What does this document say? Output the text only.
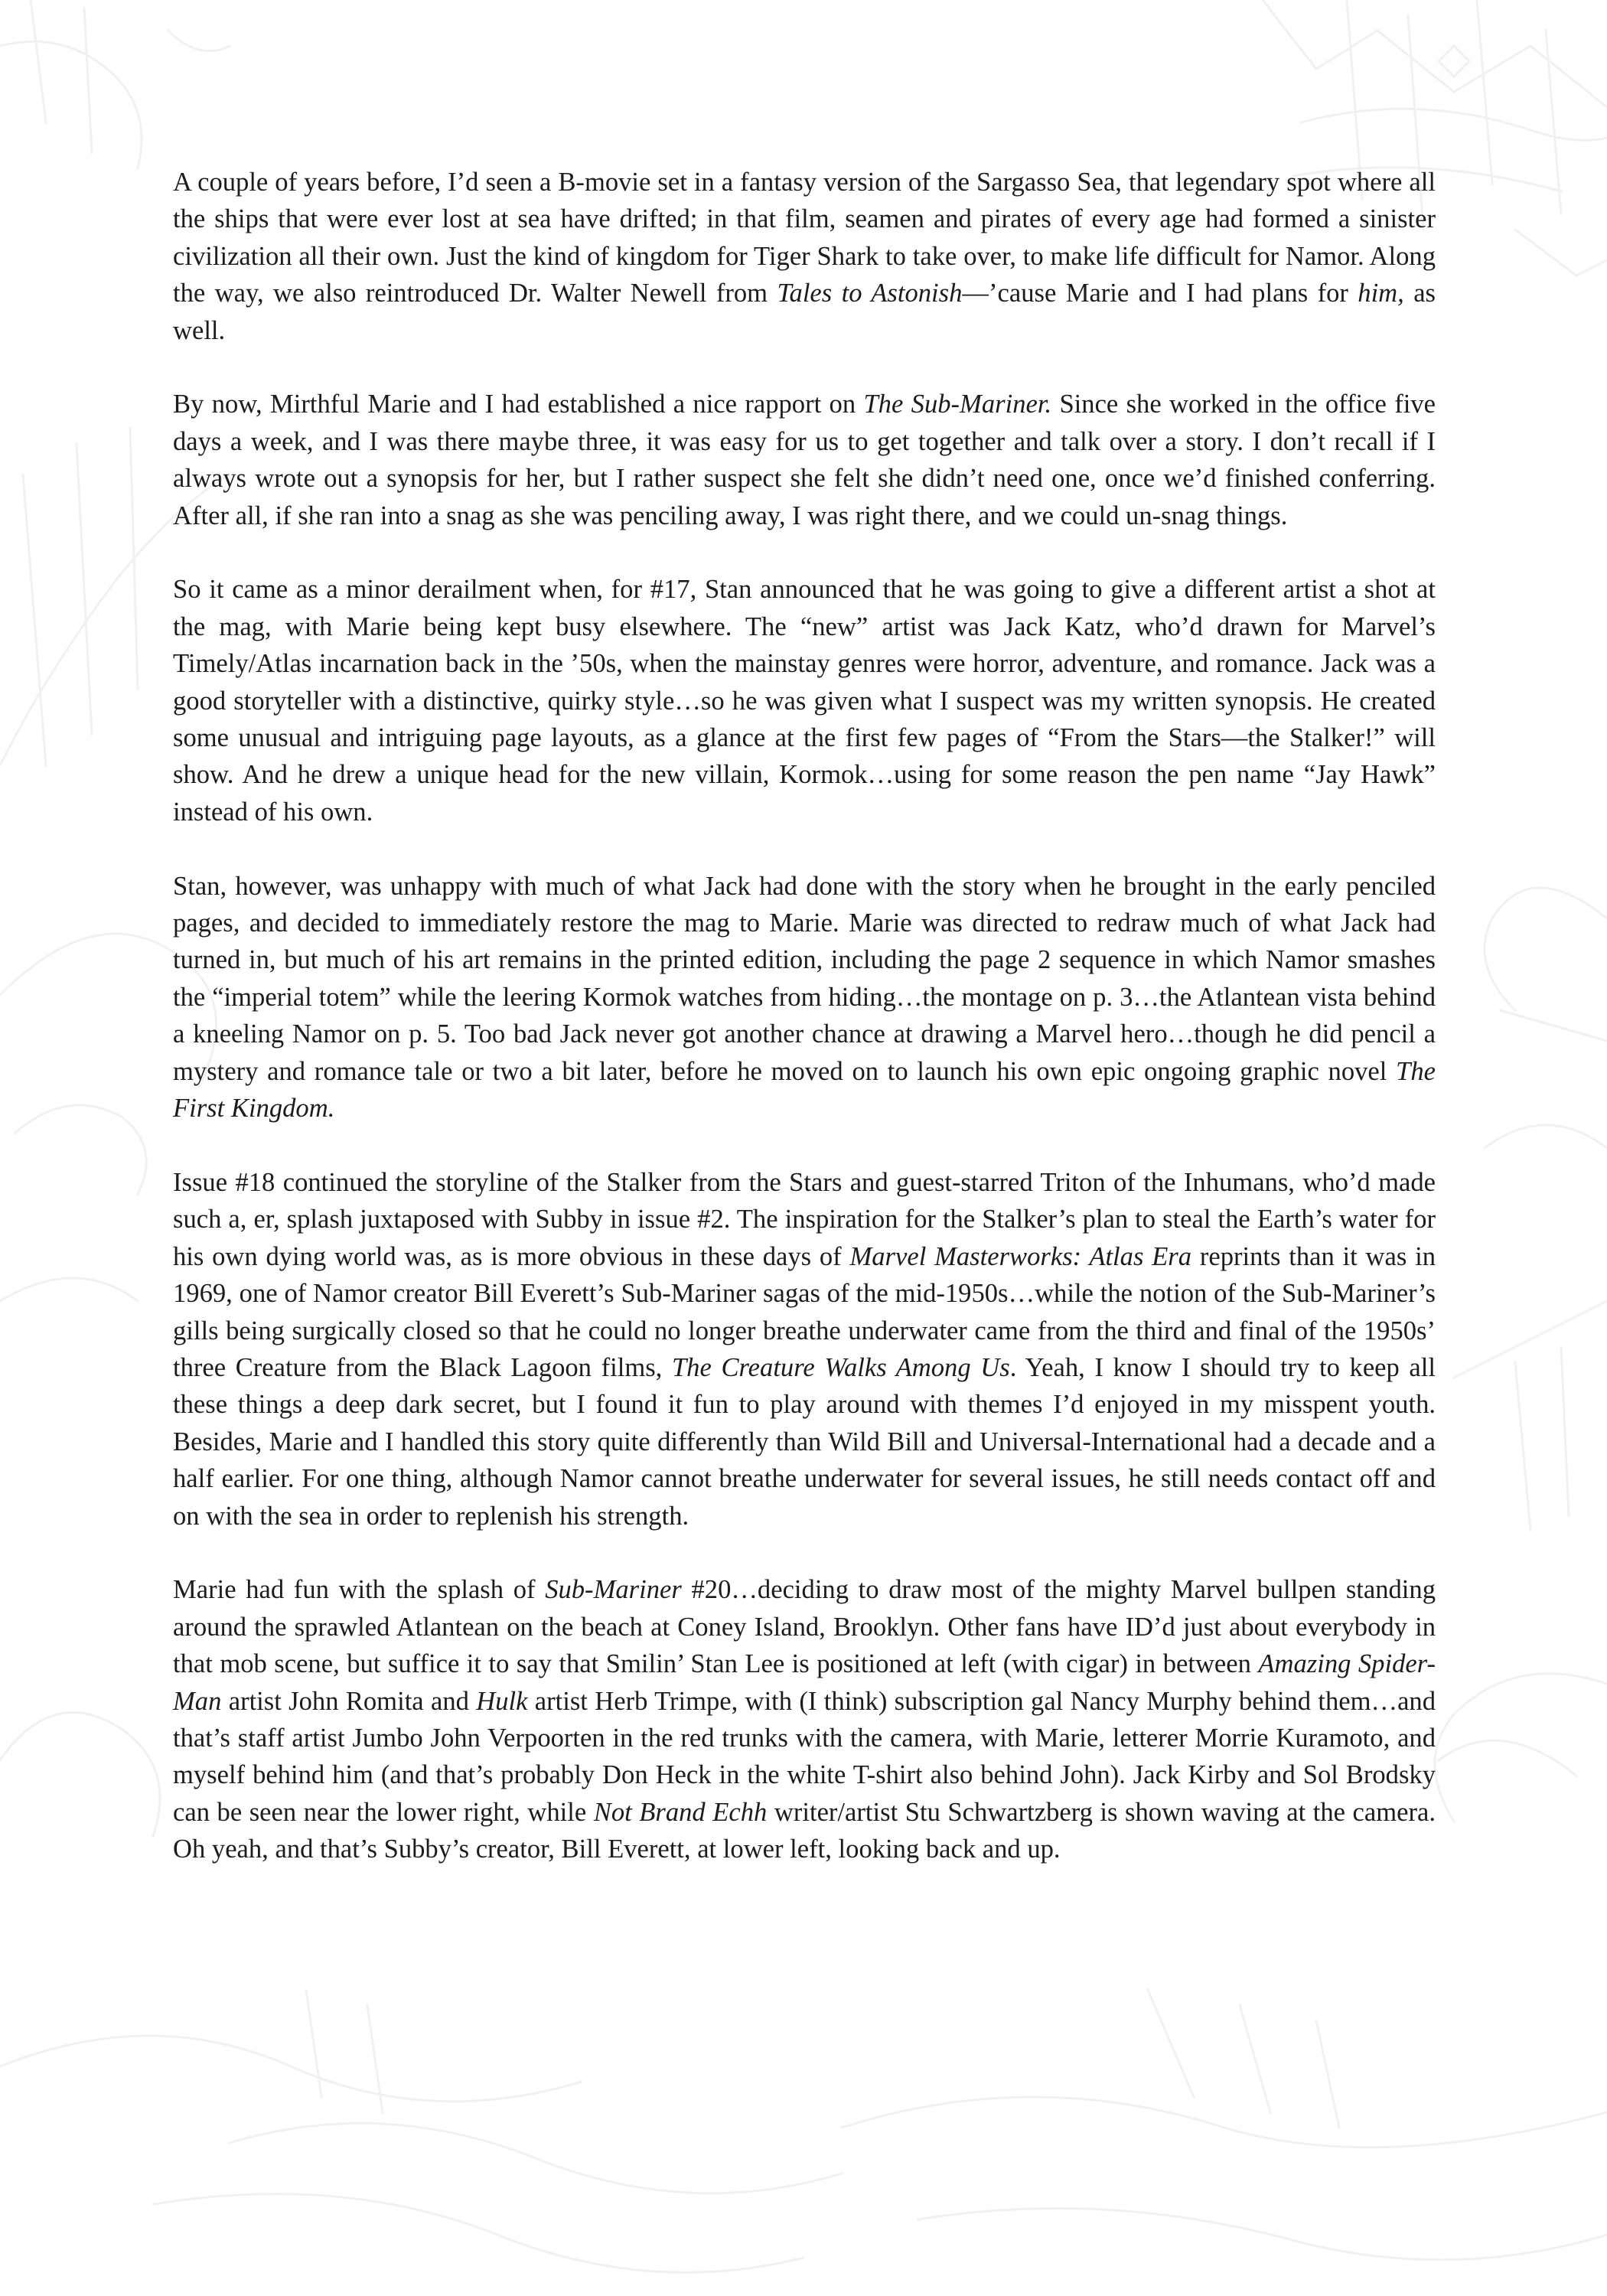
A couple of years before, I’d seen a B-movie set in a fantasy version of the Sargasso Sea, that legendary spot where all the ships that were ever lost at sea have drifted; in that film, seamen and pirates of every age had formed a sinister civilization all their own. Just the kind of kingdom for Tiger Shark to take over, to make life difficult for Namor. Along the way, we also reintroduced Dr. Walter Newell from Tales to Astonish—’cause Marie and I had plans for him, as well.

By now, Mirthful Marie and I had established a nice rapport on The Sub-Mariner. Since she worked in the office five days a week, and I was there maybe three, it was easy for us to get together and talk over a story. I don’t recall if I always wrote out a synopsis for her, but I rather suspect she felt she didn’t need one, once we’d finished conferring. After all, if she ran into a snag as she was penciling away, I was right there, and we could un-snag things.

So it came as a minor derailment when, for #17, Stan announced that he was going to give a different artist a shot at the mag, with Marie being kept busy elsewhere. The “new” artist was Jack Katz, who’d drawn for Marvel’s Timely/Atlas incarnation back in the ’50s, when the mainstay genres were horror, adventure, and romance. Jack was a good storyteller with a distinctive, quirky style…so he was given what I suspect was my written synopsis. He created some unusual and intriguing page layouts, as a glance at the first few pages of “From the Stars—the Stalker!” will show. And he drew a unique head for the new villain, Kormok…using for some reason the pen name “Jay Hawk” instead of his own.

Stan, however, was unhappy with much of what Jack had done with the story when he brought in the early penciled pages, and decided to immediately restore the mag to Marie. Marie was directed to redraw much of what Jack had turned in, but much of his art remains in the printed edition, including the page 2 sequence in which Namor smashes the “imperial totem” while the leering Kormok watches from hiding…the montage on p. 3…the Atlantean vista behind a kneeling Namor on p. 5. Too bad Jack never got another chance at drawing a Marvel hero…though he did pencil a mystery and romance tale or two a bit later, before he moved on to launch his own epic ongoing graphic novel The First Kingdom.

Issue #18 continued the storyline of the Stalker from the Stars and guest-starred Triton of the Inhumans, who’d made such a, er, splash juxtaposed with Subby in issue #2. The inspiration for the Stalker’s plan to steal the Earth’s water for his own dying world was, as is more obvious in these days of Marvel Masterworks: Atlas Era reprints than it was in 1969, one of Namor creator Bill Everett’s Sub-Mariner sagas of the mid-1950s…while the notion of the Sub-Mariner’s gills being surgically closed so that he could no longer breathe underwater came from the third and final of the 1950s’ three Creature from the Black Lagoon films, The Creature Walks Among Us. Yeah, I know I should try to keep all these things a deep dark secret, but I found it fun to play around with themes I’d enjoyed in my misspent youth. Besides, Marie and I handled this story quite differently than Wild Bill and Universal-International had a decade and a half earlier. For one thing, although Namor cannot breathe underwater for several issues, he still needs contact off and on with the sea in order to replenish his strength.

Marie had fun with the splash of Sub-Mariner #20…deciding to draw most of the mighty Marvel bullpen standing around the sprawled Atlantean on the beach at Coney Island, Brooklyn. Other fans have ID’d just about everybody in that mob scene, but suffice it to say that Smilin’ Stan Lee is positioned at left (with cigar) in between Amazing Spider-Man artist John Romita and Hulk artist Herb Trimpe, with (I think) subscription gal Nancy Murphy behind them…and that’s staff artist Jumbo John Verpoorten in the red trunks with the camera, with Marie, letterer Morrie Kuramoto, and myself behind him (and that’s probably Don Heck in the white T-shirt also behind John). Jack Kirby and Sol Brodsky can be seen near the lower right, while Not Brand Echh writer/artist Stu Schwartzberg is shown waving at the camera. Oh yeah, and that’s Subby’s creator, Bill Everett, at lower left, looking back and up.
